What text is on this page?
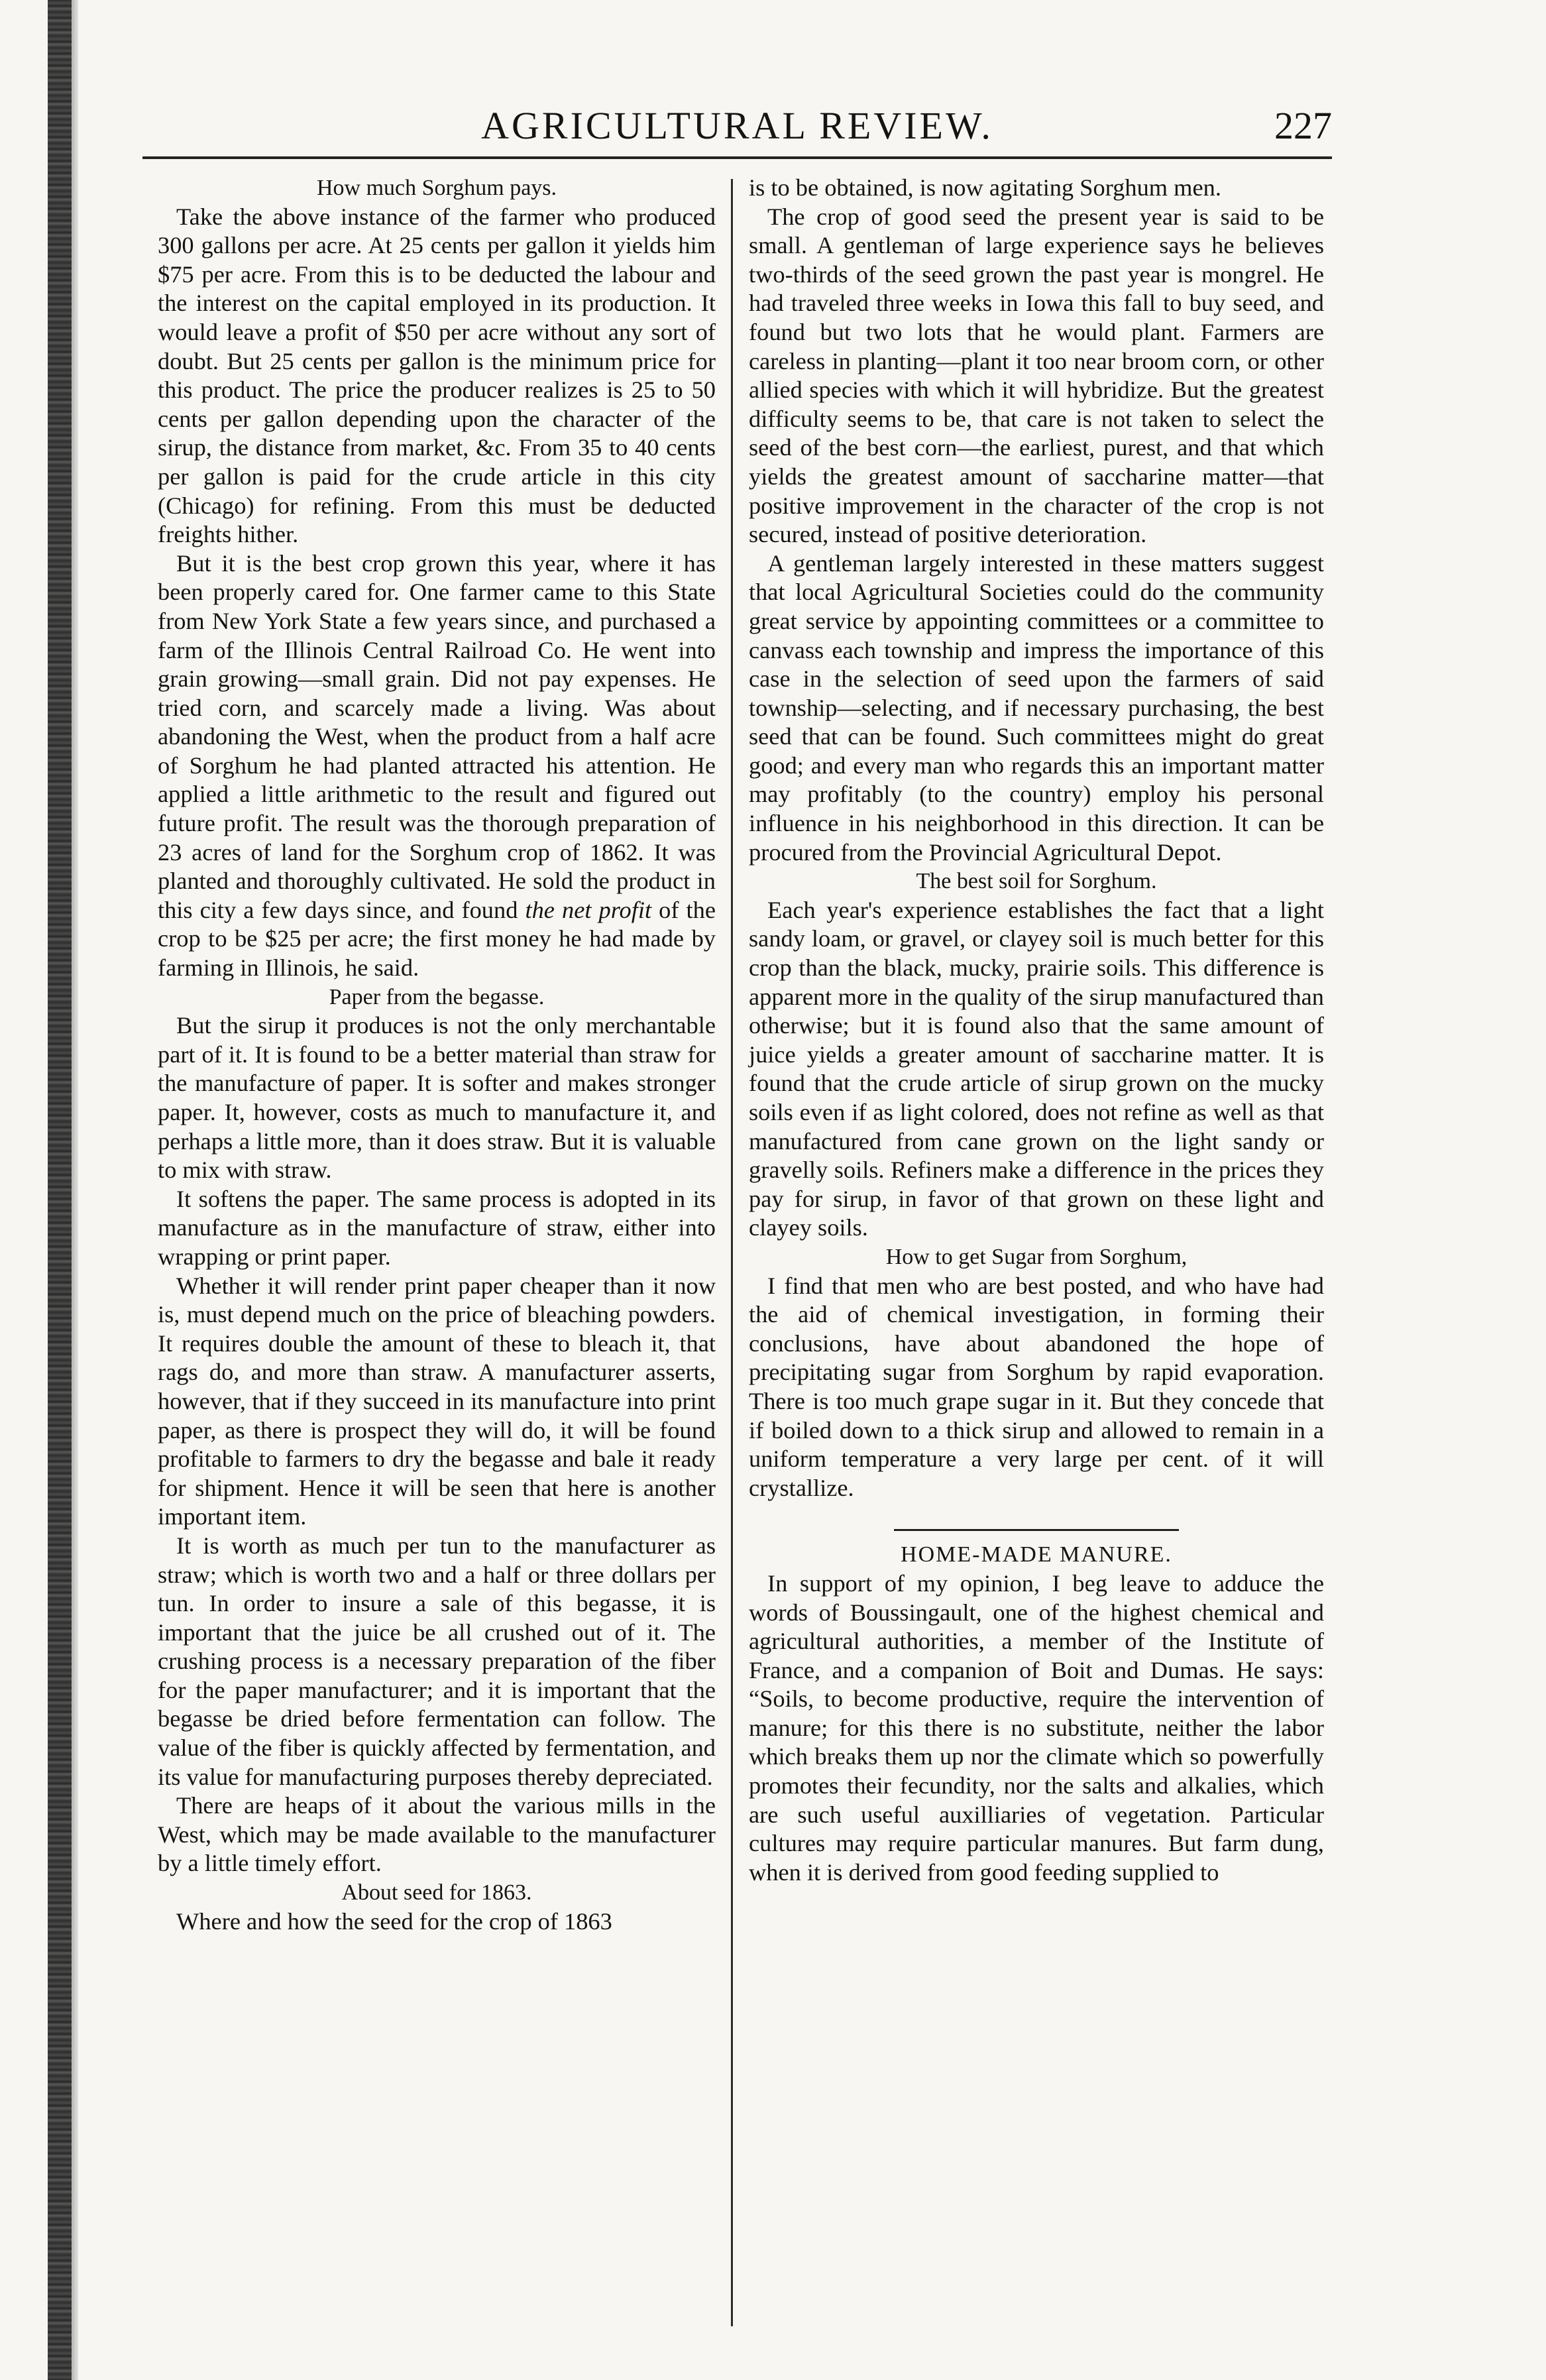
AGRICULTURAL REVIEW.	227
How much Sorghum pays.

Take the above instance of the farmer who produced 300 gallons per acre. At 25 cents per gallon it yields him $75 per acre. From this is to be deducted the labour and the interest on the capital employed in its production. It would leave a profit of $50 per acre without any sort of doubt. But 25 cents per gallon is the minimum price for this product. The price the producer realizes is 25 to 50 cents per gallon depending upon the character of the sirup, the distance from market, &c. From 35 to 40 cents per gallon is paid for the crude article in this city (Chicago) for refining. From this must be deducted freights hither.

But it is the best crop grown this year, where it has been properly cared for. One farmer came to this State from New York State a few years since, and purchased a farm of the Illinois Central Railroad Co. He went into grain growing—small grain. Did not pay expenses. He tried corn, and scarcely made a living. Was about abandoning the West, when the product from a half acre of Sorghum he had planted attracted his attention. He applied a little arithmetic to the result and figured out future profit. The result was the thorough preparation of 23 acres of land for the Sorghum crop of 1862. It was planted and thoroughly cultivated. He sold the product in this city a few days since, and found the net profit of the crop to be $25 per acre; the first money he had made by farming in Illinois, he said.

Paper from the begasse.

But the sirup it produces is not the only merchantable part of it. It is found to be a better material than straw for the manufacture of paper. It is softer and makes stronger paper. It, however, costs as much to manufacture it, and perhaps a little more, than it does straw. But it is valuable to mix with straw.

It softens the paper. The same process is adopted in its manufacture as in the manufacture of straw, either into wrapping or print paper.

Whether it will render print paper cheaper than it now is, must depend much on the price of bleaching powders. It requires double the amount of these to bleach it, that rags do, and more than straw. A manufacturer asserts, however, that if they succeed in its manufacture into print paper, as there is prospect they will do, it will be found profitable to farmers to dry the begasse and bale it ready for shipment. Hence it will be seen that here is another important item.

It is worth as much per tun to the manufacturer as straw; which is worth two and a half or three dollars per tun. In order to insure a sale of this begasse, it is important that the juice be all crushed out of it. The crushing process is a necessary preparation of the fiber for the paper manufacturer; and it is important that the begasse be dried before fermentation can follow. The value of the fiber is quickly affected by fermentation, and its value for manufacturing purposes thereby depreciated.

There are heaps of it about the various mills in the West, which may be made available to the manufacturer by a little timely effort.

About seed for 1863.

Where and how the seed for the crop of 1863

is to be obtained, is now agitating Sorghum men.

The crop of good seed the present year is said to be small. A gentleman of large experience says he believes two-thirds of the seed grown the past year is mongrel. He had traveled three weeks in Iowa this fall to buy seed, and found but two lots that he would plant. Farmers are careless in planting—plant it too near broom corn, or other allied species with which it will hybridize. But the greatest difficulty seems to be, that care is not taken to select the seed of the best corn—the earliest, purest, and that which yields the greatest amount of saccharine matter—that positive improvement in the character of the crop is not secured, instead of positive deterioration.

A gentleman largely interested in these matters suggest that local Agricultural Societies could do the community great service by appointing committees or a committee to canvass each township and impress the importance of this case in the selection of seed upon the farmers of said township—selecting, and if necessary purchasing, the best seed that can be found. Such committees might do great good; and every man who regards this an important matter may profitably (to the country) employ his personal influence in his neighborhood in this direction. It can be procured from the Provincial Agricultural Depot.

The best soil for Sorghum.

Each year's experience establishes the fact that a light sandy loam, or gravel, or clayey soil is much better for this crop than the black, mucky, prairie soils. This difference is apparent more in the quality of the sirup manufactured than otherwise; but it is found also that the same amount of juice yields a greater amount of saccharine matter. It is found that the crude article of sirup grown on the mucky soils even if as light colored, does not refine as well as that manufactured from cane grown on the light sandy or gravelly soils. Refiners make a difference in the prices they pay for sirup, in favor of that grown on these light and clayey soils.

How to get Sugar from Sorghum,

I find that men who are best posted, and who have had the aid of chemical investigation, in forming their conclusions, have about abandoned the hope of precipitating sugar from Sorghum by rapid evaporation. There is too much grape sugar in it. But they concede that if boiled down to a thick sirup and allowed to remain in a uniform temperature a very large per cent. of it will crystallize.

HOME-MADE MANURE.

In support of my opinion, I beg leave to adduce the words of Boussingault, one of the highest chemical and agricultural authorities, a member of the Institute of France, and a companion of Boit and Dumas. He says: “Soils, to become productive, require the intervention of manure; for this there is no substitute, neither the labor which breaks them up nor the climate which so powerfully promotes their fecundity, nor the salts and alkalies, which are such useful auxilliaries of vegetation. Particular cultures may require particular manures. But farm dung, when it is derived from good feeding supplied to
